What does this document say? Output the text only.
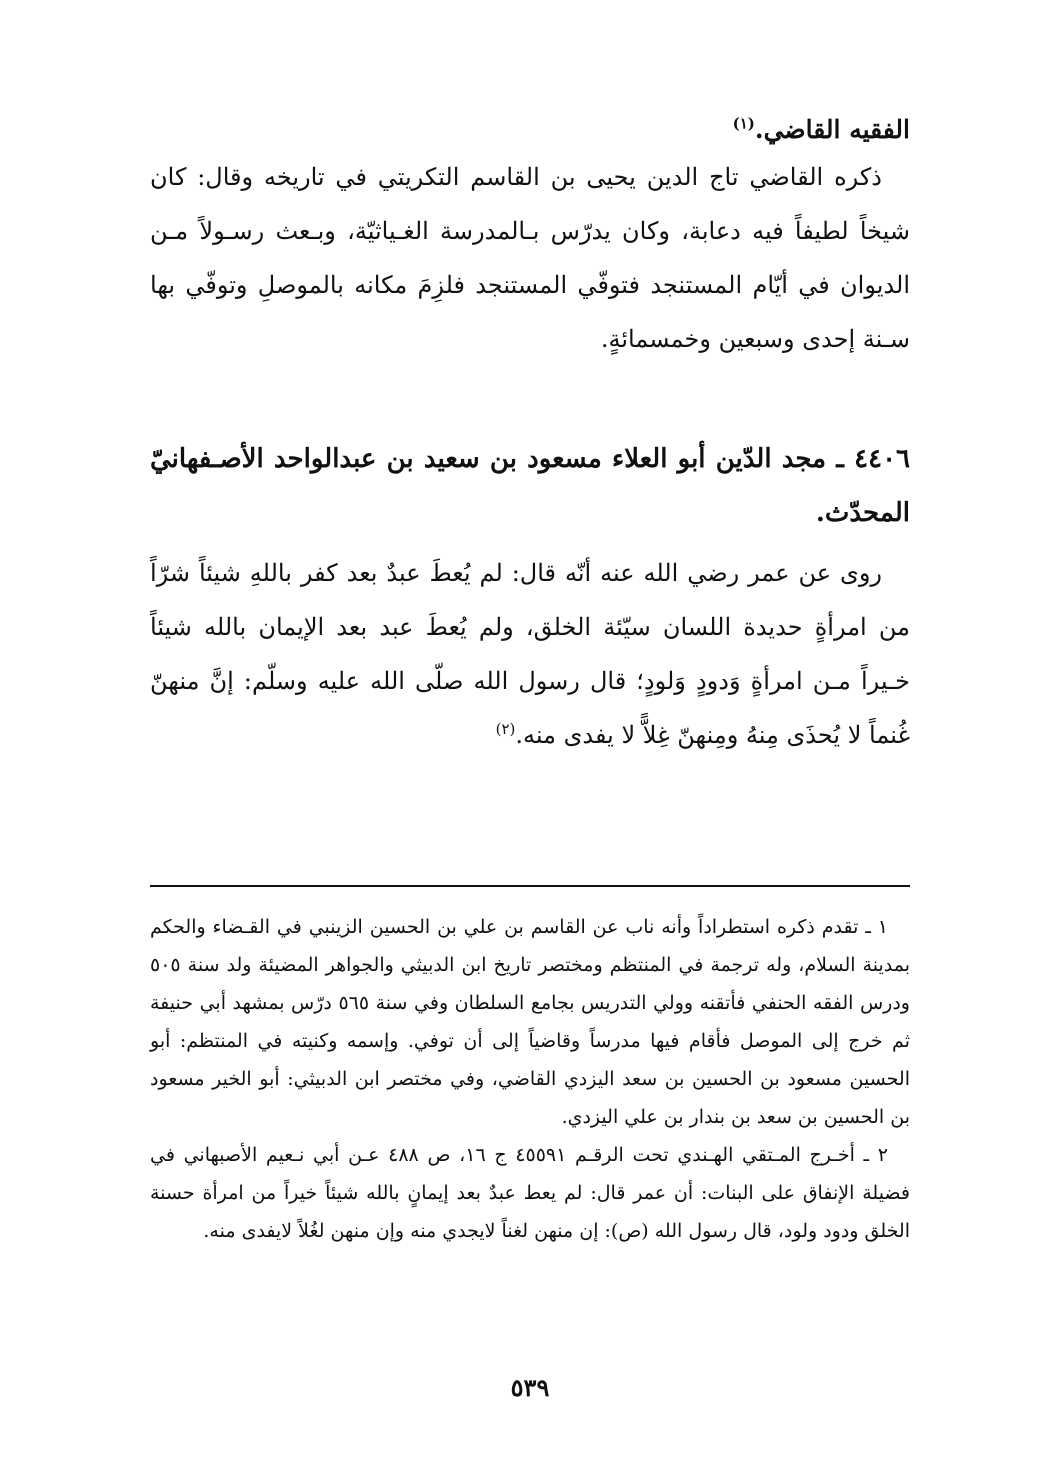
الفقيه القاضي.$^{(١)}$

ذكره القاضي تاج الدين يحيى بن القاسم التكريتي في تاريخه وقال: كان شيخاً لطيفاً فيه دعابة، وكان يدرّس بـالمدرسة الغـياثيّة، وبـعث رسـولاً مـن الديوان في أيّام المستنجد فتوفّي المستنجد فلزِمَ مكانه بالموصلِ وتوفّي بها سـنة إحدى وسبعين وخمسمائةٍ.

٤٤٠٦ ـ مجد الدّين أبو العلاء مسعود بن سعيد بن عبدالواحد الأصـفهانيّ المحدّث.

روى عن عمر رضي الله عنه أنّه قال: لم يُعطَ عبدٌ بعد كفر باللهِ شيئاً شرّاً من امرأةٍ حديدة اللسان سيّئة الخلق، ولم يُعطَ عبد بعد الإيمان بالله شيئاً خـيراً مـن امرأةٍ وَدودٍ وَلودٍ؛ قال رسول الله صلّى الله عليه وسلّم: إنَّ منهنّ غُنماً لا يُحذَى مِنهُ ومِنهنّ غِلاًّ لا يفدى منه.$^{(٢)}$

١ ـ تقدم ذكره استطراداً وأنه ناب عن القاسم بن علي بن الحسين الزينبي في القـضاء والحكم بمدينة السلام، وله ترجمة في المنتظم ومختصر تاريخ ابن الدبيثي والجواهر المضيئة ولد سنة ٥٠٥ ودرس الفقه الحنفي فأتقنه وولي التدريس بجامع السلطان وفي سنة ٥٦٥ درّس بمشهد أبي حنيفة ثم خرج إلى الموصل فأقام فيها مدرساً وقاضياً إلى أن توفي. وإسمه وكنيته في المنتظم: أبو الحسين مسعود بن الحسين بن سعد اليزدي القاضي، وفي مختصر ابن الدبيثي: أبو الخير مسعود بن الحسين بن سعد بن بندار بن علي اليزدي.

٢ ـ أخـرج المـتقي الهـندي تحت الرقـم ٤٥٥٩١ ج ١٦، ص ٤٨٨ عـن أبي نـعيم الأصبهاني في فضيلة الإنفاق على البنات: أن عمر قال: لم يعط عبدٌ بعد إيمانٍ بالله شيئاً خيراً من امرأة حسنة الخلق ودود ولود، قال رسول الله (ص): إن منهن لغناً لايجدي منه وإن منهن لغُلاً لايفدى منه.

٥٣٩
